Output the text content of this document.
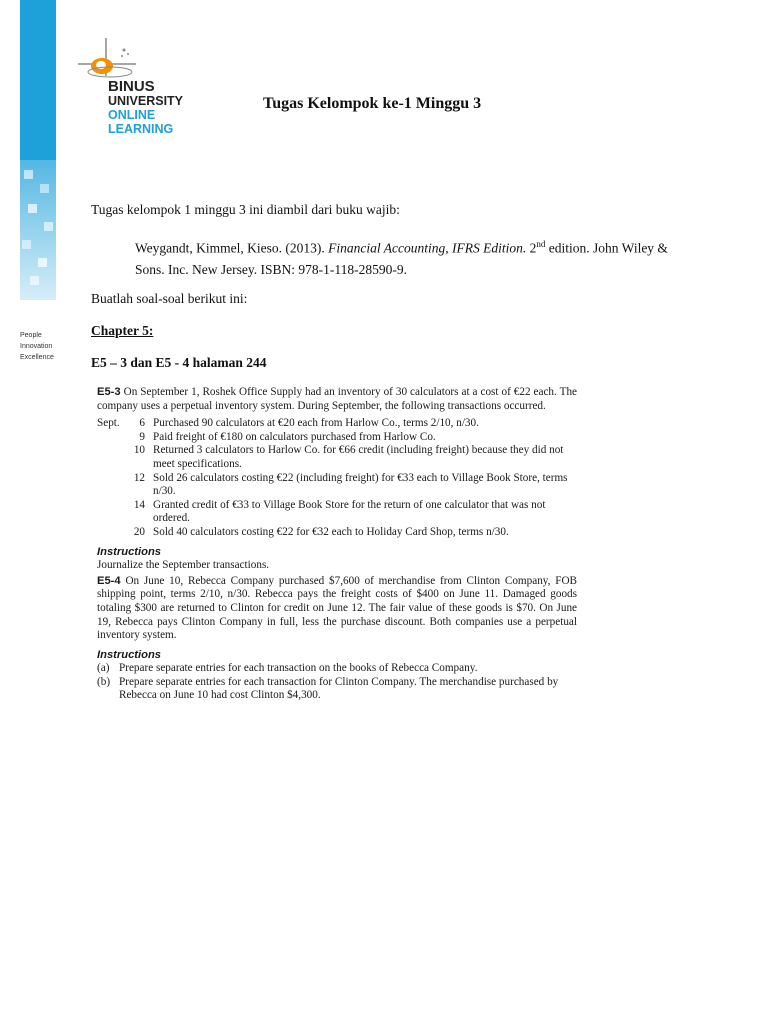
People
Innovation
Excellence
BINUS
UNIVERSITY
ONLINE
LEARNING
Tugas Kelompok ke-1 Minggu 3
Tugas kelompok 1 minggu 3 ini diambil dari buku wajib:
Weygandt, Kimmel, Kieso. (2013). Financial Accounting, IFRS Edition. 2nd edition. John Wiley & Sons. Inc. New Jersey. ISBN: 978-1-118-28590-9.
Buatlah soal-soal berikut ini:
Chapter 5:
E5 – 3 dan E5 - 4 halaman 244
E5-3 On September 1, Roshek Office Supply had an inventory of 30 calculators at a cost of €22 each. The company uses a perpetual inventory system. During September, the following transactions occurred.
Sept.	6 Purchased 90 calculators at €20 each from Harlow Co., terms 2/10, n/30.
9 Paid freight of €180 on calculators purchased from Harlow Co.
10 Returned 3 calculators to Harlow Co. for €66 credit (including freight) because they did not meet specifications.
12 Sold 26 calculators costing €22 (including freight) for €33 each to Village Book Store, terms n/30.
14 Granted credit of €33 to Village Book Store for the return of one calculator that was not ordered.
20 Sold 40 calculators costing €22 for €32 each to Holiday Card Shop, terms n/30.
Instructions
Journalize the September transactions.
E5-4 On June 10, Rebecca Company purchased $7,600 of merchandise from Clinton Company, FOB shipping point, terms 2/10, n/30. Rebecca pays the freight costs of $400 on June 11. Damaged goods totaling $300 are returned to Clinton for credit on June 12. The fair value of these goods is $70. On June 19, Rebecca pays Clinton Company in full, less the purchase discount. Both companies use a perpetual inventory system.
Instructions
(a) Prepare separate entries for each transaction on the books of Rebecca Company.
(b) Prepare separate entries for each transaction for Clinton Company. The merchandise purchased by Rebecca on June 10 had cost Clinton $4,300.
